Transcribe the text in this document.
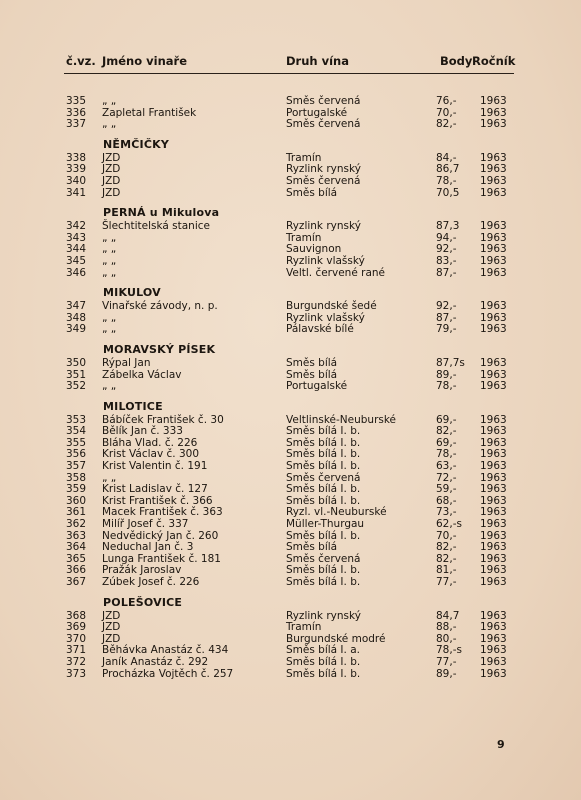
č.vz. Jméno vinaře	Druh vína	Body Ročník
335 „ „	Směs červená	76,- 1963
336 Zapletal František	Portugalské	70,- 1963
337 „ „	Směs červená	82,- 1963
NĚMČIČKY
338 JZD	Tramín	84,- 1963
339 JZD	Ryzlink rynský	86,7 1963
340 JZD	Směs červená	78,- 1963
341 JZD	Směs bílá	70,5 1963
PERNÁ u Mikulova
342 Šlechtitelská stanice	Ryzlink rynský	87,3 1963
343 „ „	Tramín	94,- 1963
344 „ „	Sauvignon	92,- 1963
345 „ „	Ryzlink vlašský	83,- 1963
346 „ „	Veltl. červené rané	87,- 1963
MIKULOV
347 Vinařské závody, n. p.	Burgundské šedé	92,- 1963
348 „ „	Ryzlink vlašský	87,- 1963
349 „ „	Pálavské bílé	79,- 1963
MORAVSKÝ PÍSEK
350 Rýpal Jan	Směs bílá	87,7s 1963
351 Zábelka Václav	Směs bílá	89,- 1963
352 „ „	Portugalské	78,- 1963
MILOTICE
353 Bábíček František č. 30	Veltlinské-Neuburské	69,- 1963
354 Bělík Jan č. 333	Směs bílá I. b.	82,- 1963
355 Bláha Vlad. č. 226	Směs bílá I. b.	69,- 1963
356 Krist Václav č. 300	Směs bílá I. b.	78,- 1963
357 Krist Valentin č. 191	Směs bílá I. b.	63,- 1963
358 „ „	Směs červená	72,- 1963
359 Krist Ladislav č. 127	Směs bílá I. b.	59,- 1963
360 Krist František č. 366	Směs bílá I. b.	68,- 1963
361 Macek František č. 363	Ryzl. vl.-Neuburské	73,- 1963
362 Milíř Josef č. 337	Müller-Thurgau	62,-s 1963
363 Nedvědický Jan č. 260	Směs bílá I. b.	70,- 1963
364 Neduchal Jan č. 3	Směs bílá	82,- 1963
365 Lunga František č. 181	Směs červená	82,- 1963
366 Pražák Jaroslav	Směs bílá I. b.	81,- 1963
367 Zúbek Josef č. 226	Směs bílá I. b.	77,- 1963
POLEŠOVICE
368 JZD	Ryzlink rynský	84,7 1963
369 JZD	Tramín	88,- 1963
370 JZD	Burgundské modré	80,- 1963
371 Běhávka Anastáz č. 434	Směs bílá I. a.	78,-s 1963
372 Janík Anastáz č. 292	Směs bílá I. b.	77,- 1963
373 Procházka Vojtěch č. 257	Směs bílá I. b.	89,- 1963
9
